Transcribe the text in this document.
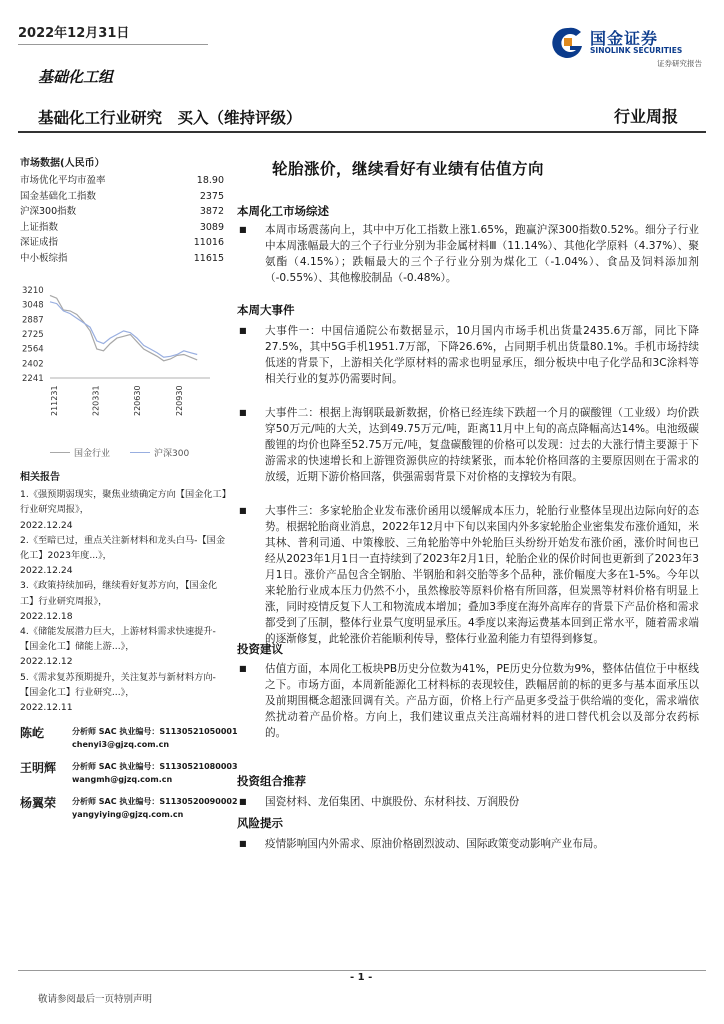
2022年12月31日	国金证券
SINOLINK SECURITIES
证券研究报告
基础化工组
基础化工行业研究　买入（维持评级）	行业周报
市场数据(人民币）
市场优化平均市盈率	18.90
国金基础化工指数	2375
沪深300指数	3872
上证指数	3089
深证成指	11016
中小板综指	11615
3210
3048
2887
2725
2564
2402
2241
211231	220331	220630	220930
国金行业	沪深300
相关报告
1.《强预期弱现实，聚焦业绩确定方向【国金化工】行业研究周报》，
2022.12.24
2.《至暗已过，重点关注新材料和龙头白马-【国金化工】2023年度...》，
2022.12.24
3.《政策持续加码，继续看好复苏方向，【国金化工】行业研究周报》，
2022.12.18
4.《储能发展潜力巨大，上游材料需求快速提升-【国金化工】储能上游...》，
2022.12.12
5.《需求复苏预期提升，关注复苏与新材料方向-【国金化工】行业研究...》，
2022.12.11
陈屹	分析师 SAC 执业编号：S1130521050001
chenyi3@gjzq.com.cn
王明辉 分析师 SAC 执业编号：S1130521080003
wangmh@gjzq.com.cn
杨翼荣 分析师 SAC 执业编号：S1130520090002
yangyiying@gjzq.com.cn
轮胎涨价，继续看好有业绩有估值方向
本周化工市场综述
■	本周市场震荡向上，其中中万化工指数上涨1.65%，跑赢沪深300指数0.52%。细分子行业中本周涨幅最大的三个子行业分别为非金属材料Ⅲ（11.14%）、其他化学原料（4.37%）、聚氨酯（4.15%）；跌幅最大的三个子行业分别为煤化工（-1.04%）、食品及饲料添加剂（-0.55%）、其他橡胶制品（-0.48%）。
本周大事件
■	大事件一：中国信通院公布数据显示，10月国内市场手机出货量2435.6万部，同比下降27.5%，其中5G手机1951.7万部，下降26.6%，占同期手机出货量80.1%。手机市场持续低迷的背景下，上游相关化学原材料的需求也明显承压，细分板块中电子化学品和3C涂料等相关行业的复苏仍需要时间。
■	大事件二：根据上海钢联最新数据，价格已经连续下跌超一个月的碳酸锂（工业级）均价跌穿50万元/吨的大关，达到49.75万元/吨，距离11月中上旬的高点降幅高达14%。电池级碳酸锂的均价也降至52.75万元/吨，复盘碳酸锂的价格可以发现：过去的大涨行情主要源于下游需求的快速增长和上游锂资源供应的持续紧张，而本轮价格回落的主要原因则在于需求的放缓，近期下游价格回落，供强需弱背景下对价格的支撑较为有限。
■	大事件三：多家轮胎企业发布涨价函用以缓解成本压力，轮胎行业整体呈现出边际向好的态势。根据轮胎商业消息，2022年12月中下旬以来国内外多家轮胎企业密集发布涨价通知，米其林、普利司通、中策橡胶、三角轮胎等中外轮胎巨头纷纷开始发布涨价函，涨价时间也已经从2023年1月1日一直持续到了2023年2月1日，轮胎企业的保价时间也更新到了2023年3月1日。涨价产品包含全钢胎、半钢胎和斜交胎等多个品种，涨价幅度大多在1-5%。今年以来轮胎行业成本压力仍然不小，虽然橡胶等原料价格有所回落，但炭黑等材料价格有明显上涨，同时疫情反复下人工和物流成本增加；叠加3季度在海外高库存的背景下产品价格和需求都受到了压制，整体行业景气度明显承压。4季度以来海运费基本回到正常水平，随着需求端的逐渐修复，此轮涨价若能顺利传导，整体行业盈利能力有望得到修复。
投资建议
■	估值方面，本周化工板块PB历史分位数为41%，PE历史分位数为9%，整体估值位于中枢线之下。市场方面，本周新能源化工材料标的表现较佳，跌幅居前的标的更多与基本面承压以及前期围概念超涨回调有关。产品方面，价格上行产品更多受益于供给端的变化，需求端依然扰动着产品价格。方向上，我们建议重点关注高端材料的进口替代机会以及部分农药标的。
投资组合推荐
■	国瓷材料、龙佰集团、中旗股份、东材科技、万润股份
风险提示
■	疫情影响国内外需求、原油价格剧烈波动、国际政策变动影响产业布局。
- 1 -
敬请参阅最后一页特别声明
